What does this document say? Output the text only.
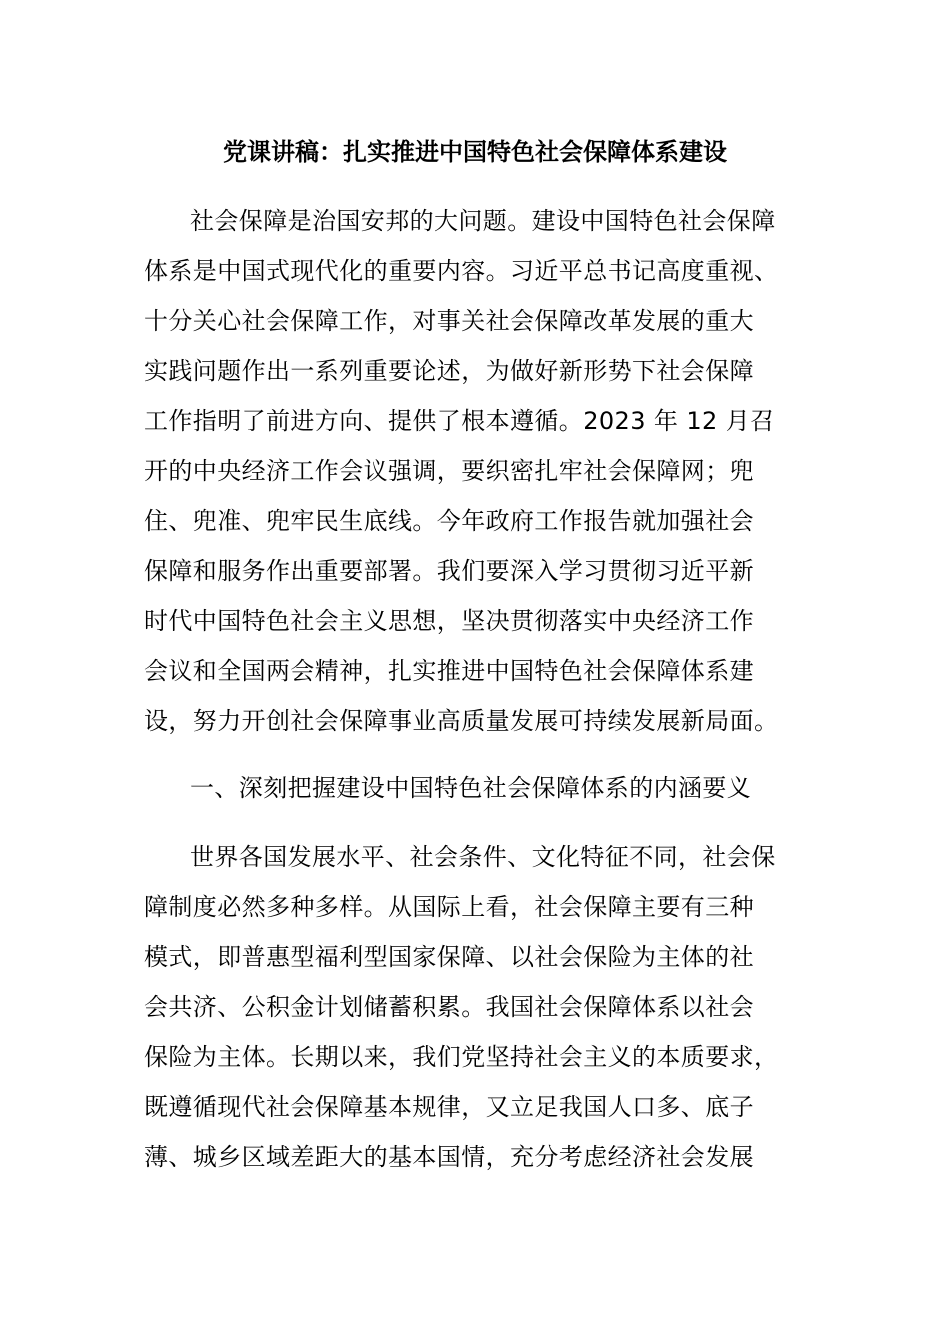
党课讲稿：扎实推进中国特色社会保障体系建设
社会保障是治国安邦的大问题。建设中国特色社会保障
体系是中国式现代化的重要内容。习近平总书记高度重视、
十分关心社会保障工作，对事关社会保障改革发展的重大
实践问题作出一系列重要论述，为做好新形势下社会保障
工作指明了前进方向、提供了根本遵循。2023 年 12 月召
开的中央经济工作会议强调，要织密扎牢社会保障网；兜
住、兜准、兜牢民生底线。今年政府工作报告就加强社会
保障和服务作出重要部署。我们要深入学习贯彻习近平新
时代中国特色社会主义思想，坚决贯彻落实中央经济工作
会议和全国两会精神，扎实推进中国特色社会保障体系建
设，努力开创社会保障事业高质量发展可持续发展新局面。
一、深刻把握建设中国特色社会保障体系的内涵要义
世界各国发展水平、社会条件、文化特征不同，社会保
障制度必然多种多样。从国际上看，社会保障主要有三种
模式，即普惠型福利型国家保障、以社会保险为主体的社
会共济、公积金计划储蓄积累。我国社会保障体系以社会
保险为主体。长期以来，我们党坚持社会主义的本质要求，
既遵循现代社会保障基本规律，又立足我国人口多、底子
薄、城乡区域差距大的基本国情，充分考虑经济社会发展
